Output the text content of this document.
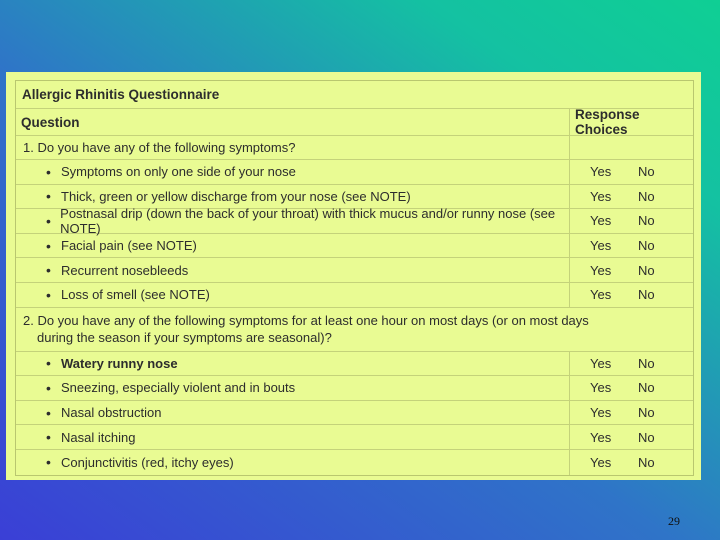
Allergic Rhinitis Questionnaire
Question	Response Choices
1. Do you have any of the following symptoms?
• Symptoms on only one side of your nose	Yes	No
• Thick, green or yellow discharge from your nose (see NOTE)	Yes	No
• Postnasal drip (down the back of your throat) with thick mucus and/or runny nose (see NOTE)	Yes	No
• Facial pain (see NOTE)	Yes	No
• Recurrent nosebleeds	Yes	No
• Loss of smell (see NOTE)	Yes	No
2. Do you have any of the following symptoms for at least one hour on most days (or on most days
during the season if your symptoms are seasonal)?
• Watery runny nose	Yes	No
• Sneezing, especially violent and in bouts	Yes	No
• Nasal obstruction	Yes	No
• Nasal itching	Yes	No
• Conjunctivitis (red, itchy eyes)	Yes	No
29
